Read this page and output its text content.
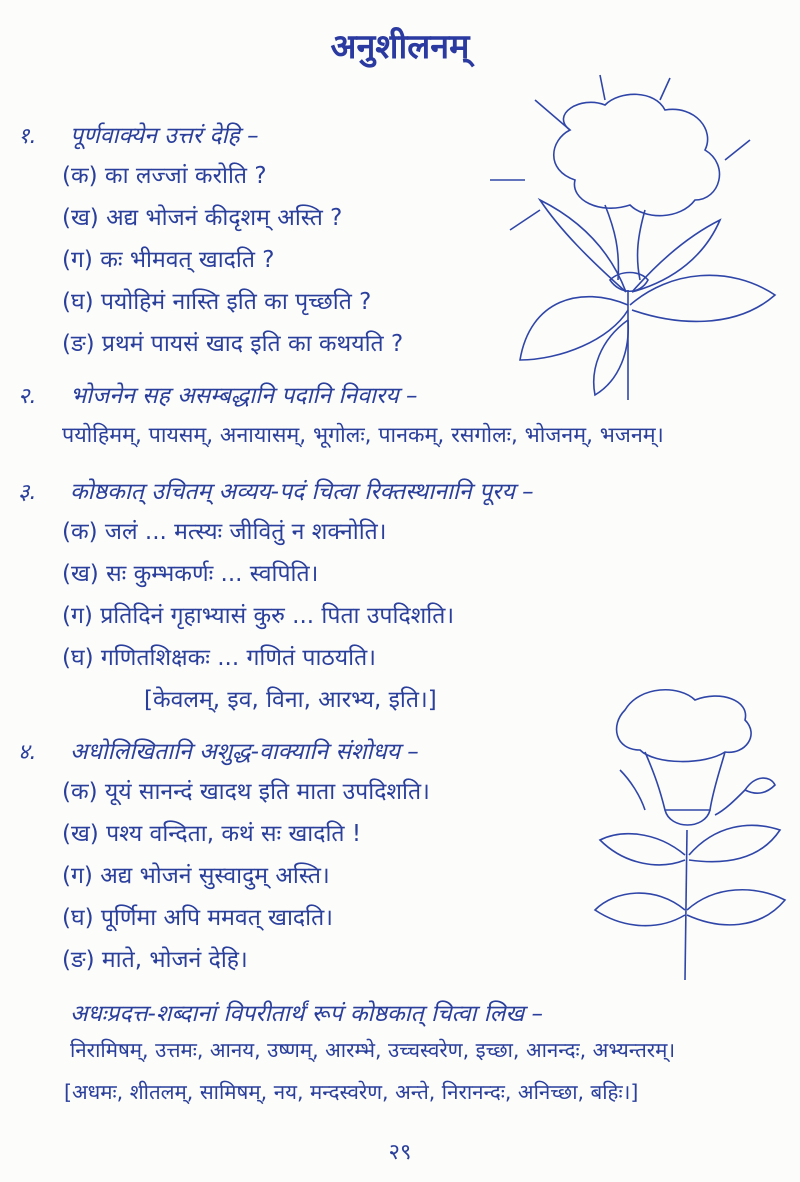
अनुशीलनम्
१. पूर्णवाक्येन उत्तरं देहि –
(क) का लज्जां करोति ?
(ख) अद्य भोजनं कीदृशम् अस्ति ?
(ग) कः भीमवत् खादति ?
(घ) पयोहिमं नास्ति इति का पृच्छति ?
(ङ) प्रथमं पायसं खाद इति का कथयति ?
२. भोजनेन सह असम्बद्धानि पदानि निवारय –
पयोहिमम्, पायसम्, अनायासम्, भूगोलः, पानकम्, रसगोलः, भोजनम्, भजनम्।
३. कोष्ठकात् उचितम् अव्यय-पदं चित्वा रिक्तस्थानानि पूरय –
(क) जलं ... मत्स्यः जीवितुं न शक्नोति।
(ख) सः कुम्भकर्णः ... स्वपिति।
(ग) प्रतिदिनं गृहाभ्यासं कुरु ... पिता उपदिशति।
(घ) गणितशिक्षकः ... गणितं पाठयति।
[केवलम्, इव, विना, आरभ्य, इति।]
४. अधोलिखितानि अशुद्ध-वाक्यानि संशोधय –
(क) यूयं सानन्दं खादथ इति माता उपदिशति।
(ख) पश्य वन्दिता, कथं सः खादति !
(ग) अद्य भोजनं सुस्वादुम् अस्ति।
(घ) पूर्णिमा अपि ममवत् खादति।
(ङ) माते, भोजनं देहि।
अधःप्रदत्त-शब्दानां विपरीतार्थं रूपं कोष्ठकात् चित्वा लिख –
निरामिषम्, उत्तमः, आनय, उष्णम्, आरम्भे, उच्चस्वरेण, इच्छा, आनन्दः, अभ्यन्तरम्।
[अधमः, शीतलम्, सामिषम्, नय, मन्दस्वरेण, अन्ते, निरानन्दः, अनिच्छा, बहिः।]
२९
